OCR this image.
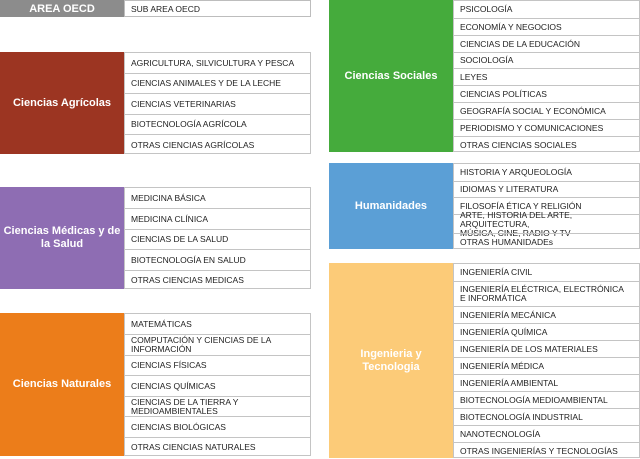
AREA OECD	SUB AREA OECD
Ciencias Agrícolas
AGRICULTURA, SILVICULTURA Y PESCA
CIENCIAS ANIMALES Y DE LA LECHE
CIENCIAS VETERINARIAS
BIOTECNOLOGÍA AGRÍCOLA
OTRAS CIENCIAS AGRÍCOLAS
Ciencias Médicas y de la Salud
MEDICINA BÁSICA
MEDICINA CLÍNICA
CIENCIAS DE LA SALUD
BIOTECNOLOGÍA EN SALUD
OTRAS CIENCIAS MEDICAS
Ciencias Naturales
MATEMÁTICAS
COMPUTACIÓN Y CIENCIAS DE LA INFORMACIÓN
CIENCIAS FÍSICAS
CIENCIAS QUÍMICAS
CIENCIAS DE LA TIERRA Y MEDIOAMBIENTALES
CIENCIAS BIOLÓGICAS
OTRAS CIENCIAS NATURALES
Ciencias Sociales
PSICOLOGÍA
ECONOMÍA Y NEGOCIOS
CIENCIAS DE LA EDUCACIÓN
SOCIOLOGÍA
LEYES
CIENCIAS POLÍTICAS
GEOGRAFÍA SOCIAL Y ECONÓMICA
PERIODISMO Y COMUNICACIONES
OTRAS CIENCIAS SOCIALES
Humanidades
HISTORIA Y ARQUEOLOGÍA
IDIOMAS Y LITERATURA
FILOSOFÍA ÉTICA Y RELIGIÓN
ARTE, HISTORIA DEL ARTE, ARQUITECTURA,
MÚSICA, CINE, RADIO Y TV
OTRAS HUMANIDADEs
Ingenieria y Tecnologia
INGENIERÍA CIVIL
INGENIERÍA ELÉCTRICA, ELECTRÓNICA
E INFORMÁTICA
INGENIERÍA MECÁNICA
INGENIERÍA QUÍMICA
INGENIERÍA DE LOS MATERIALES
INGENIERÍA MÉDICA
INGENIERÍA AMBIENTAL
BIOTECNOLOGÍA MEDIOAMBIENTAL
BIOTECNOLOGÍA INDUSTRIAL
NANOTECNOLOGÍA
OTRAS INGENIERÍAS Y TECNOLOGÍAS
